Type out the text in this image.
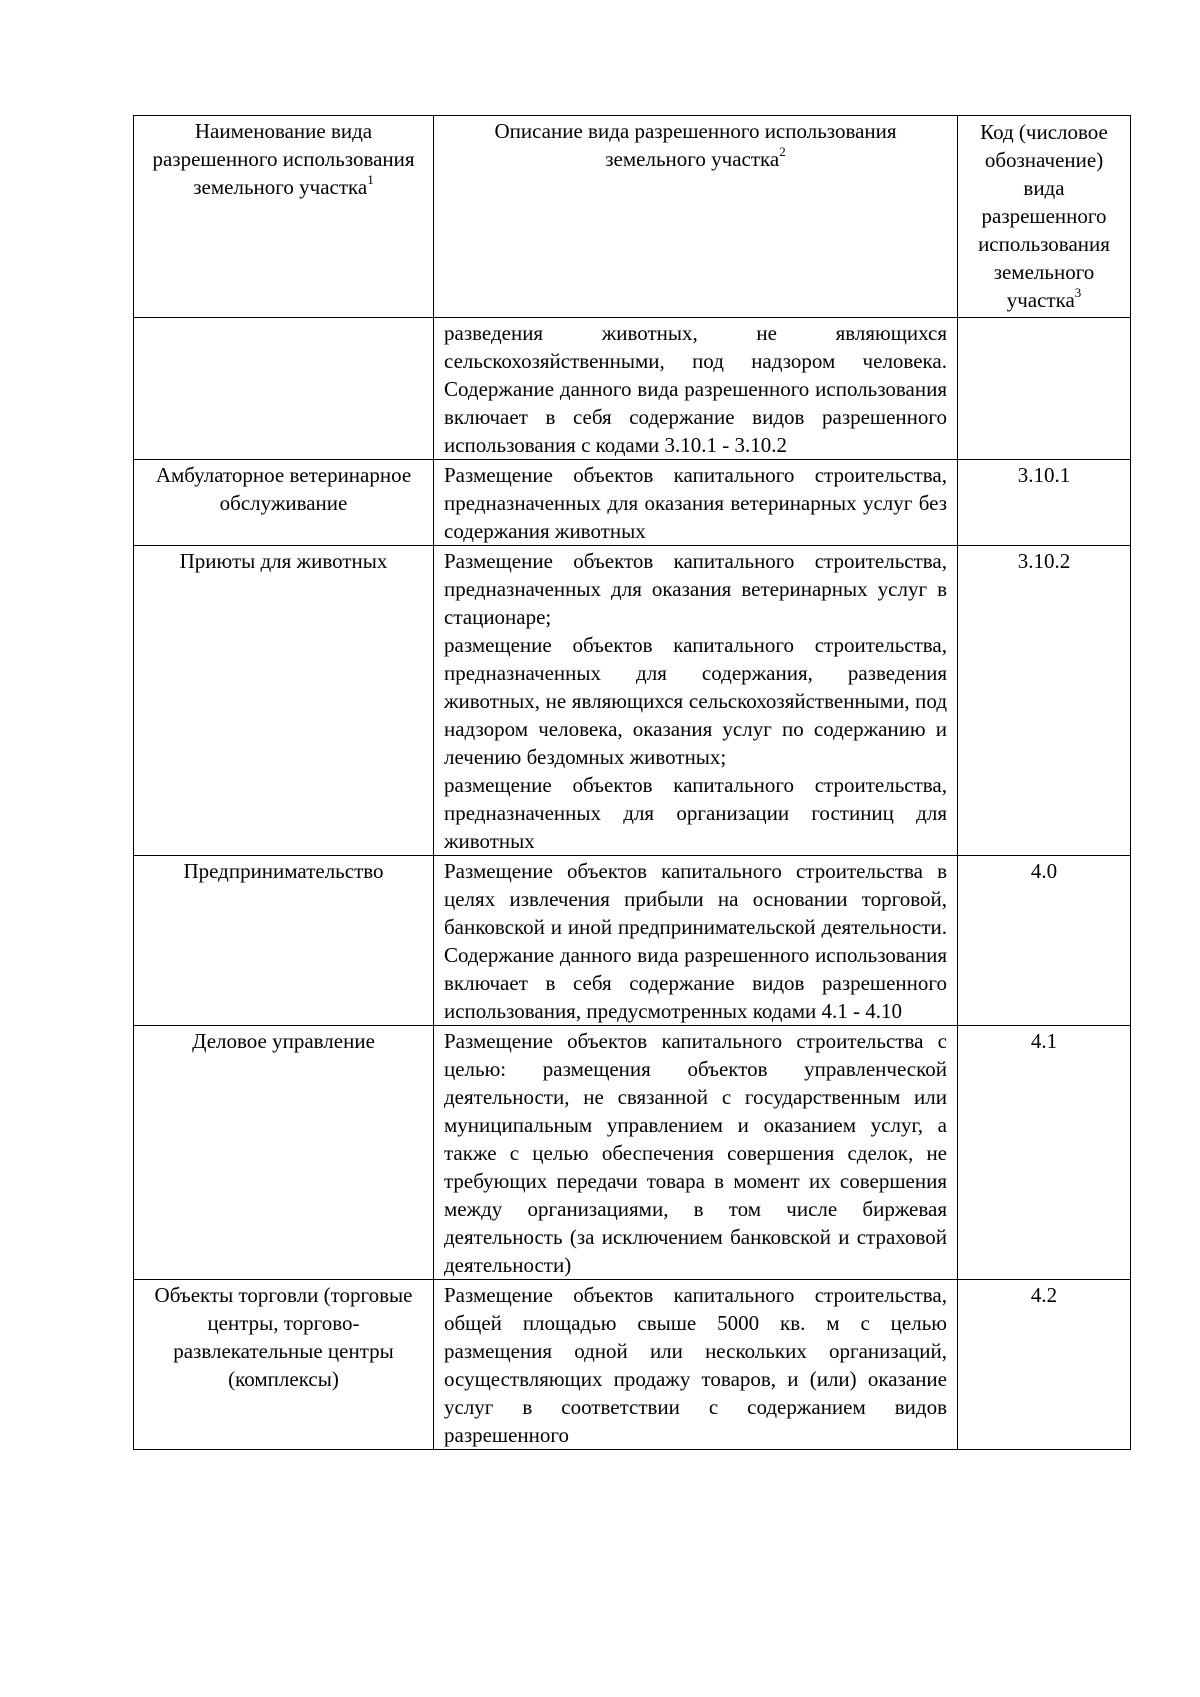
Наименование вида разрешенного использования земельного участка$^1$	Описание вида разрешенного использования земельного участка$^2$	Код (числовое обозначение) вида разрешенного использования земельного участка$^3$

	разведения животных, не являющихся сельскохозяйственными, под надзором человека. Содержание данного вида разрешенного использования включает в себя содержание видов разрешенного использования с кодами 3.10.1 - 3.10.2	

Амбулаторное ветеринарное обслуживание	Размещение объектов капитального строительства, предназначенных для оказания ветеринарных услуг без содержания животных	3.10.1
Приюты для животных	Размещение объектов капитального строительства, предназначенных для оказания ветеринарных услуг в стационаре;

размещение объектов капитального строительства, предназначенных для содержания, разведения животных, не являющихся сельскохозяйственными, под надзором человека, оказания услуг по содержанию и лечению бездомных животных;

размещение объектов капитального строительства, предназначенных для организации гостиниц для животных	3.10.2
Предпринимательство	Размещение объектов капитального строительства в целях извлечения прибыли на основании торговой, банковской и иной предпринимательской деятельности. Содержание данного вида разрешенного использования включает в себя содержание видов разрешенного использования, предусмотренных кодами 4.1 - 4.10	4.0
Деловое управление	Размещение объектов капитального строительства с целью: размещения объектов управленческой деятельности, не связанной с государственным или муниципальным управлением и оказанием услуг, а также с целью обеспечения совершения сделок, не требующих передачи товара в момент их совершения между организациями, в том числе биржевая деятельность (за исключением банковской и страховой деятельности)	4.1
Объекты торговли (торговые центры, торгово-развлекательные центры (комплексы)	Размещение объектов капитального строительства, общей площадью свыше 5000 кв. м с целью размещения одной или нескольких организаций, осуществляющих продажу товаров, и (или) оказание услуг в соответствии с содержанием видов разрешенного	4.2
